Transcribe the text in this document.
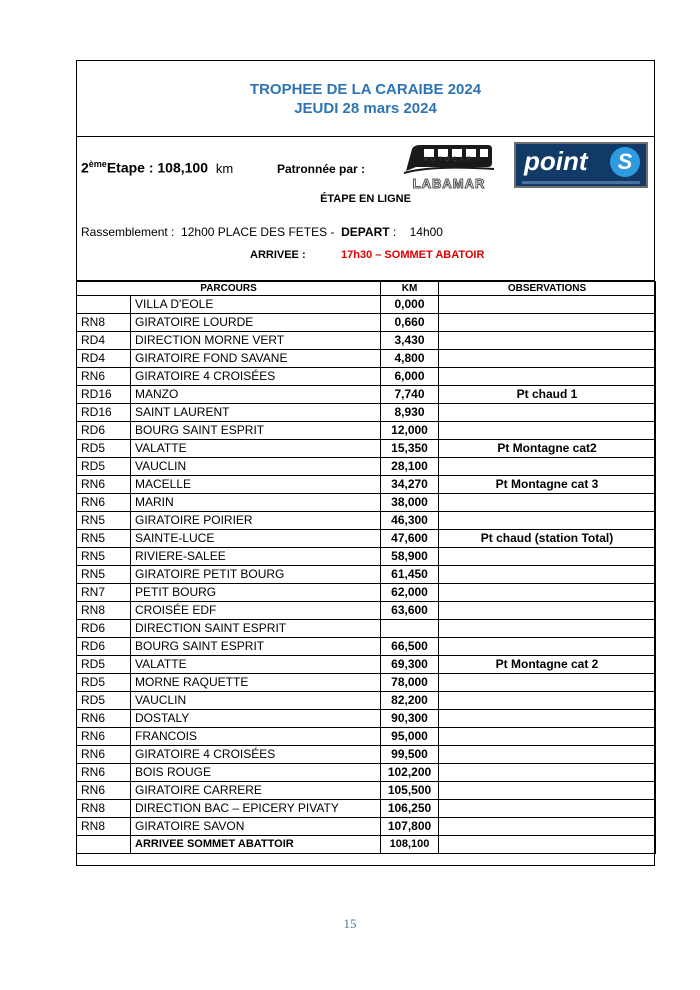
TROPHEE DE LA CARAIBE 2024
JEUDI 28 mars 2024
2èmeEtape : 108,100 km	Patronnée par :
AUTOCAR
LABAMAR
point	S
ÉTAPE EN LIGNE
Rassemblement : 12h00 PLACE DES FETES - DEPART : 14h00
ARRIVEE :	17h30 – SOMMET ABATOIR
PARCOURS		KM	OBSERVATIONS
	VILLA D'EOLE	0,000	
RN8	GIRATOIRE LOURDE	0,660	
RD4	DIRECTION MORNE VERT	3,430	
RD4	GIRATOIRE FOND SAVANE	4,800	
RN6	GIRATOIRE 4 CROISÉES	6,000	
RD16	MANZO	7,740	Pt chaud 1
RD16	SAINT LAURENT	8,930	
RD6	BOURG SAINT ESPRIT	12,000	
RD5	VALATTE	15,350	Pt Montagne cat2
RD5	VAUCLIN	28,100	
RN6	MACELLE	34,270	Pt Montagne cat 3
RN6	MARIN	38,000	
RN5	GIRATOIRE POIRIER	46,300	
RN5	SAINTE-LUCE	47,600	Pt chaud (station Total)
RN5	RIVIERE-SALEE	58,900	
RN5	GIRATOIRE PETIT BOURG	61,450	
RN7	PETIT BOURG	62,000	
RN8	CROISÉE EDF	63,600	
RD6	DIRECTION SAINT ESPRIT		
RD6	BOURG SAINT ESPRIT	66,500	
RD5	VALATTE	69,300	Pt Montagne cat 2
RD5	MORNE RAQUETTE	78,000	
RD5	VAUCLIN	82,200	
RN6	DOSTALY	90,300	
RN6	FRANCOIS	95,000	
RN6	GIRATOIRE 4 CROISÉES	99,500	
RN6	BOIS ROUGE	102,200	
RN6	GIRATOIRE CARRERE	105,500	
RN8	DIRECTION BAC – EPICERY PIVATY	106,250	
RN8	GIRATOIRE SAVON	107,800	
	ARRIVEE SOMMET ABATTOIR	108,100	
15
